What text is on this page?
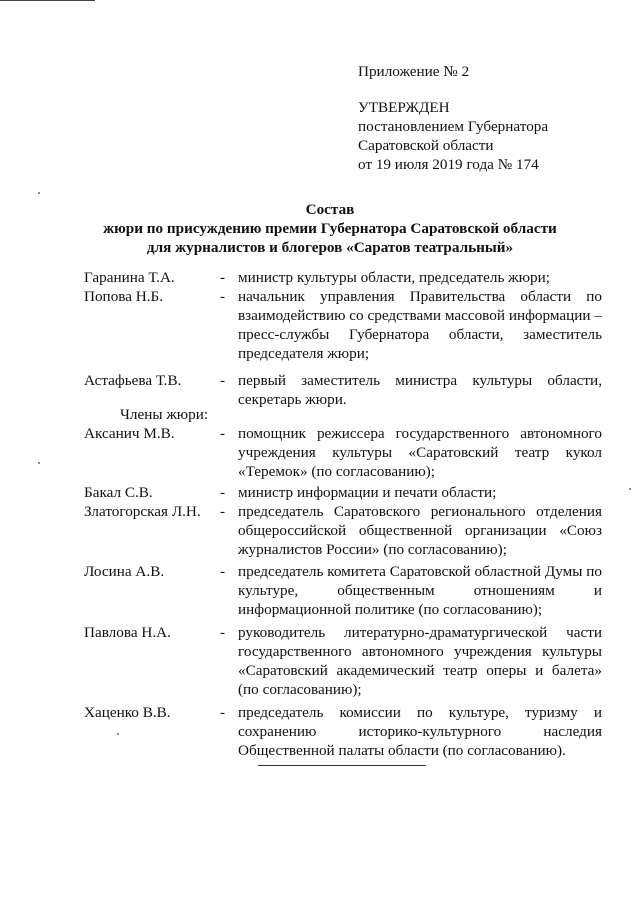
Приложение № 2
УТВЕРЖДЕН
постановлением Губернатора
Саратовской области
от 19 июля 2019 года № 174
Состав
жюри по присуждению премии Губернатора Саратовской области
для журналистов и блогеров «Саратов театральный»
Гаранина Т.А.	- министр культуры области, председатель жюри;
Попова Н.Б.	- начальник управления Правительства области по взаимодействию со средствами массовой информации – пресс-службы Губернатора области, заместитель председателя жюри;
Астафьева Т.В.	- первый заместитель министра культуры области, секретарь жюри.
Члены жюри:
Аксанич М.В.	- помощник режиссера государственного автономного учреждения культуры «Саратовский театр кукол «Теремок» (по согласованию);
Бакал С.В.	- министр информации и печати области;
Златогорская Л.Н. - председатель Саратовского регионального отделения общероссийской общественной организации «Союз журналистов России» (по согласованию);
Лосина А.В.	- председатель комитета Саратовской областной Думы по культуре, общественным отношениям и информационной политике (по согласованию);
Павлова Н.А.	- руководитель литературно-драматургической части государственного автономного учреждения культуры «Саратовский академический театр оперы и балета» (по согласованию);
Хаценко В.В.	- председатель комиссии по культуре, туризму и сохранению историко-культурного наследия Общественной палаты области (по согласованию).
